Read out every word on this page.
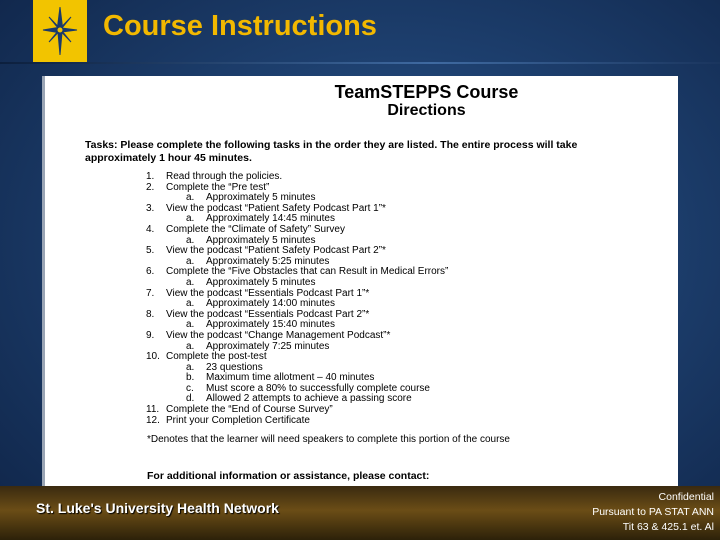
Course Instructions
TeamSTEPPS Course
Directions
Tasks: Please complete the following tasks in the order they are listed. The entire process will take approximately 1 hour 45 minutes.
1.	Read through the policies.
2.	Complete the “Pre test”
a.	Approximately 5 minutes
3.	View the podcast “Patient Safety Podcast Part 1”*
a.	Approximately 14:45 minutes
4.	Complete the “Climate of Safety” Survey
a.	Approximately 5 minutes
5.	View the podcast “Patient Safety Podcast Part 2”*
a.	Approximately 5:25 minutes
6.	Complete the “Five Obstacles that can Result in Medical Errors”
a.	Approximately 5 minutes
7.	View the podcast “Essentials Podcast Part 1”*
a.	Approximately 14:00 minutes
8.	View the podcast “Essentials Podcast Part 2”*
a.	Approximately 15:40 minutes
9.	View the podcast “Change Management Podcast”*
a.	Approximately 7:25 minutes
10. Complete the post-test
a.	23 questions
b.	Maximum time allotment – 40 minutes
c.	Must score a 80% to successfully complete course
d.	Allowed 2 attempts to achieve a passing score
11. Complete the “End of Course Survey”
12. Print your Completion Certificate
*Denotes that the learner will need speakers to complete this portion of the course
For additional information or assistance, please contact:
St. Luke's University Health Network
Confidential
Pursuant to PA STAT ANN
Tit 63 & 425.1 et. Al
